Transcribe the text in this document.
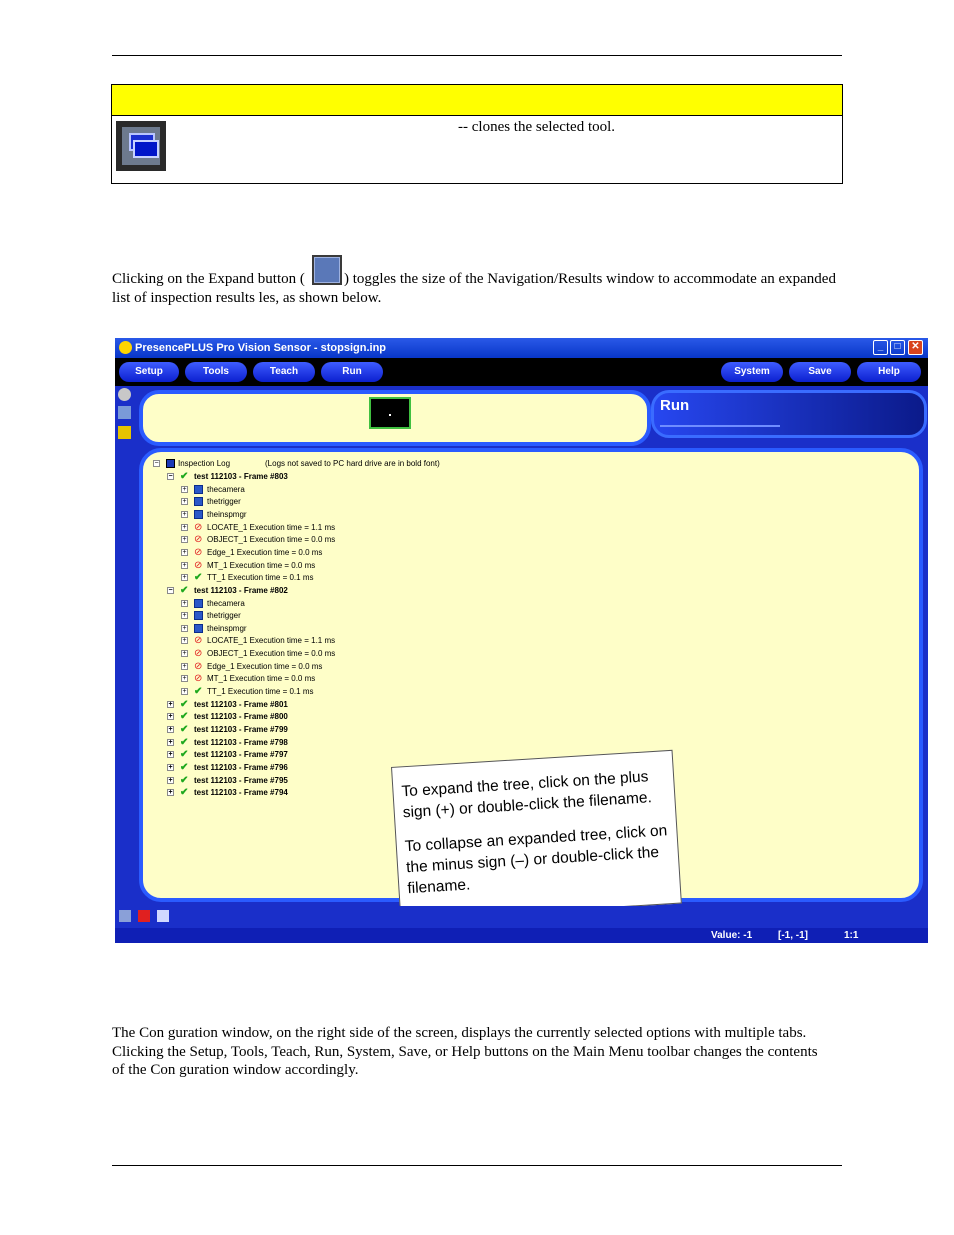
-- clones the selected tool.
Clicking on the Expand button (	) toggles the size of the Navigation/Results window to accommodate an expanded
list of inspection results les, as shown below.
PresencePLUS Pro Vision Sensor - stopsign.inp	_	□	✕
Setup	Tools	Teach	Run	System	Save	Help
Run
− Inspection Log	(Logs not saved to PC hard drive are in bold font)
− ✔ test 112103 - Frame #803
+	thecamera
+	thetrigger
+	theinspmgr
+ ⊘ LOCATE_1 Execution time = 1.1 ms
+ ⊘ OBJECT_1 Execution time = 0.0 ms
+ ⊘ Edge_1 Execution time = 0.0 ms
+ ⊘ MT_1 Execution time = 0.0 ms
+ ✔ TT_1 Execution time = 0.1 ms
− ✔ test 112103 - Frame #802
+	thecamera
+	thetrigger
+	theinspmgr
+ ⊘ LOCATE_1 Execution time = 1.1 ms
+ ⊘ OBJECT_1 Execution time = 0.0 ms
+ ⊘ Edge_1 Execution time = 0.0 ms
+ ⊘ MT_1 Execution time = 0.0 ms
+ ✔ TT_1 Execution time = 0.1 ms
+ ✔ test 112103 - Frame #801
+ ✔ test 112103 - Frame #800
+ ✔ test 112103 - Frame #799
+ ✔ test 112103 - Frame #798
+ ✔ test 112103 - Frame #797
+ ✔ test 112103 - Frame #796
+ ✔ test 112103 - Frame #795
+ ✔ test 112103 - Frame #794	To expand the tree, click on the plus sign (+) or double-click the filename.

To collapse an expanded tree, click on the minus sign (–) or double-click the filename.

Value: -1	[-1, -1]	1:1
The Con guration window, on the right side of the screen, displays the currently selected options with multiple tabs.
Clicking the Setup, Tools, Teach, Run, System, Save, or Help buttons on the Main Menu toolbar changes the contents
of the Con guration window accordingly.
